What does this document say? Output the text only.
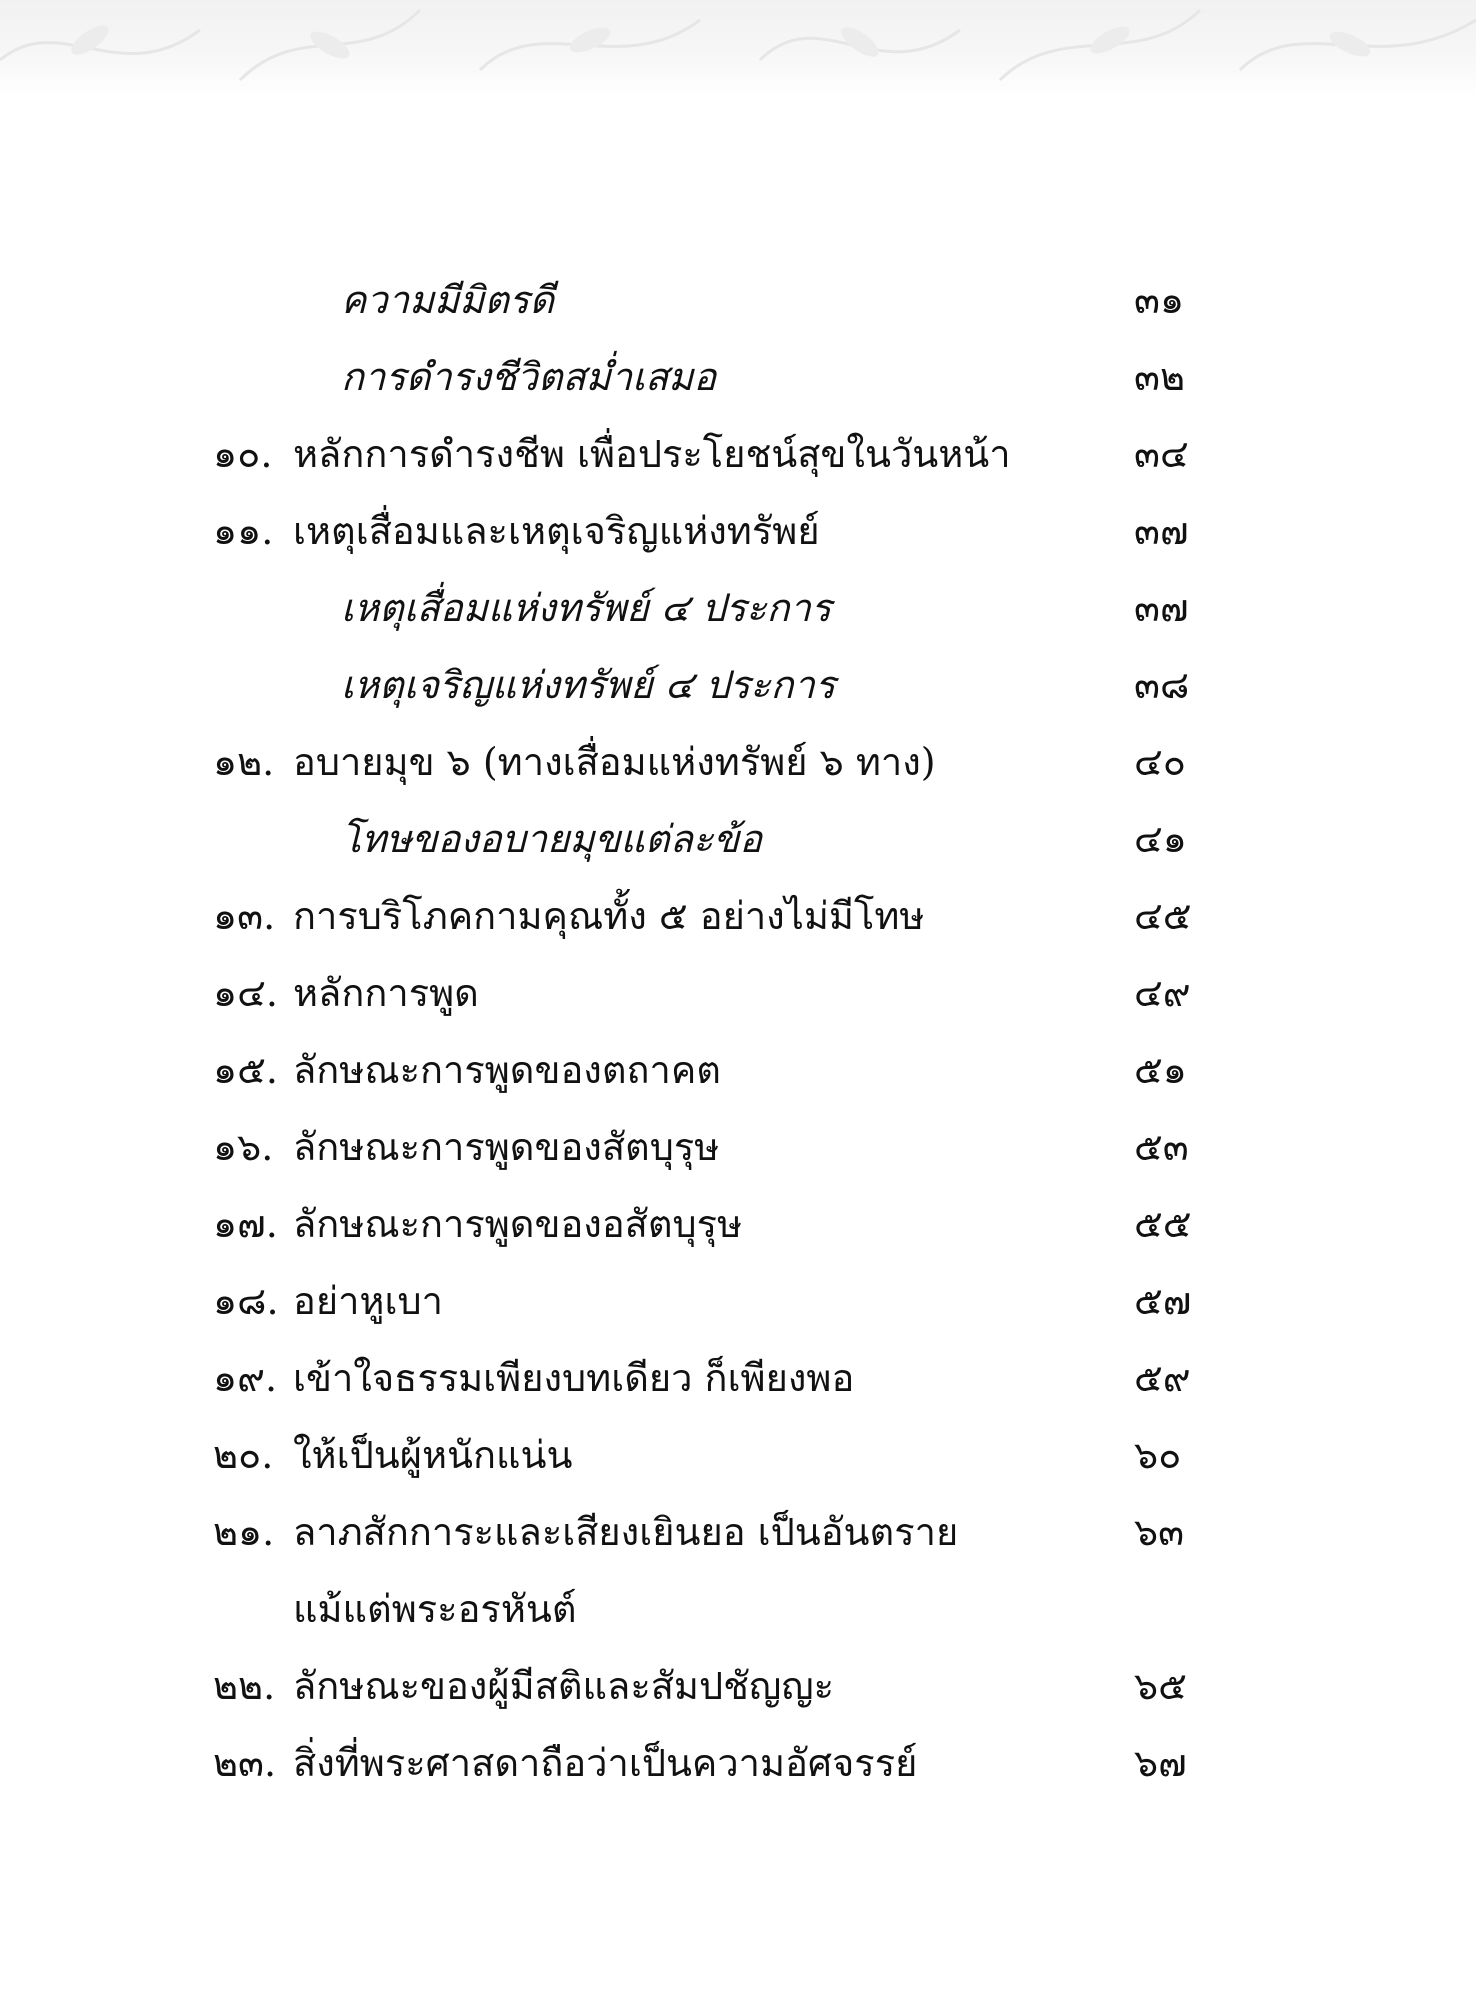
ความมีมิตรดี	๓๑
การดำรงชีวิตสม่ำเสมอ	๓๒
๑๐. หลักการดำรงชีพ เพื่อประโยชน์สุขในวันหน้า	๓๔
๑๑. เหตุเสื่อมและเหตุเจริญแห่งทรัพย์	๓๗
เหตุเสื่อมแห่งทรัพย์ ๔ ประการ	๓๗
เหตุเจริญแห่งทรัพย์ ๔ ประการ	๓๘
๑๒. อบายมุข ๖ (ทางเสื่อมแห่งทรัพย์ ๖ ทาง)	๔๐
โทษของอบายมุขแต่ละข้อ	๔๑
๑๓. การบริโภคกามคุณทั้ง ๕ อย่างไม่มีโทษ	๔๕
๑๔. หลักการพูด	๔๙
๑๕. ลักษณะการพูดของตถาคต	๕๑
๑๖. ลักษณะการพูดของสัตบุรุษ	๕๓
๑๗. ลักษณะการพูดของอสัตบุรุษ	๕๕
๑๘. อย่าหูเบา	๕๗
๑๙. เข้าใจธรรมเพียงบทเดียว ก็เพียงพอ	๕๙
๒๐. ให้เป็นผู้หนักแน่น	๖๐
๒๑. ลาภสักการะและเสียงเยินยอ เป็นอันตราย	๖๓
แม้แต่พระอรหันต์
๒๒. ลักษณะของผู้มีสติและสัมปชัญญะ	๖๕
๒๓. สิ่งที่พระศาสดาถือว่าเป็นความอัศจรรย์	๖๗
